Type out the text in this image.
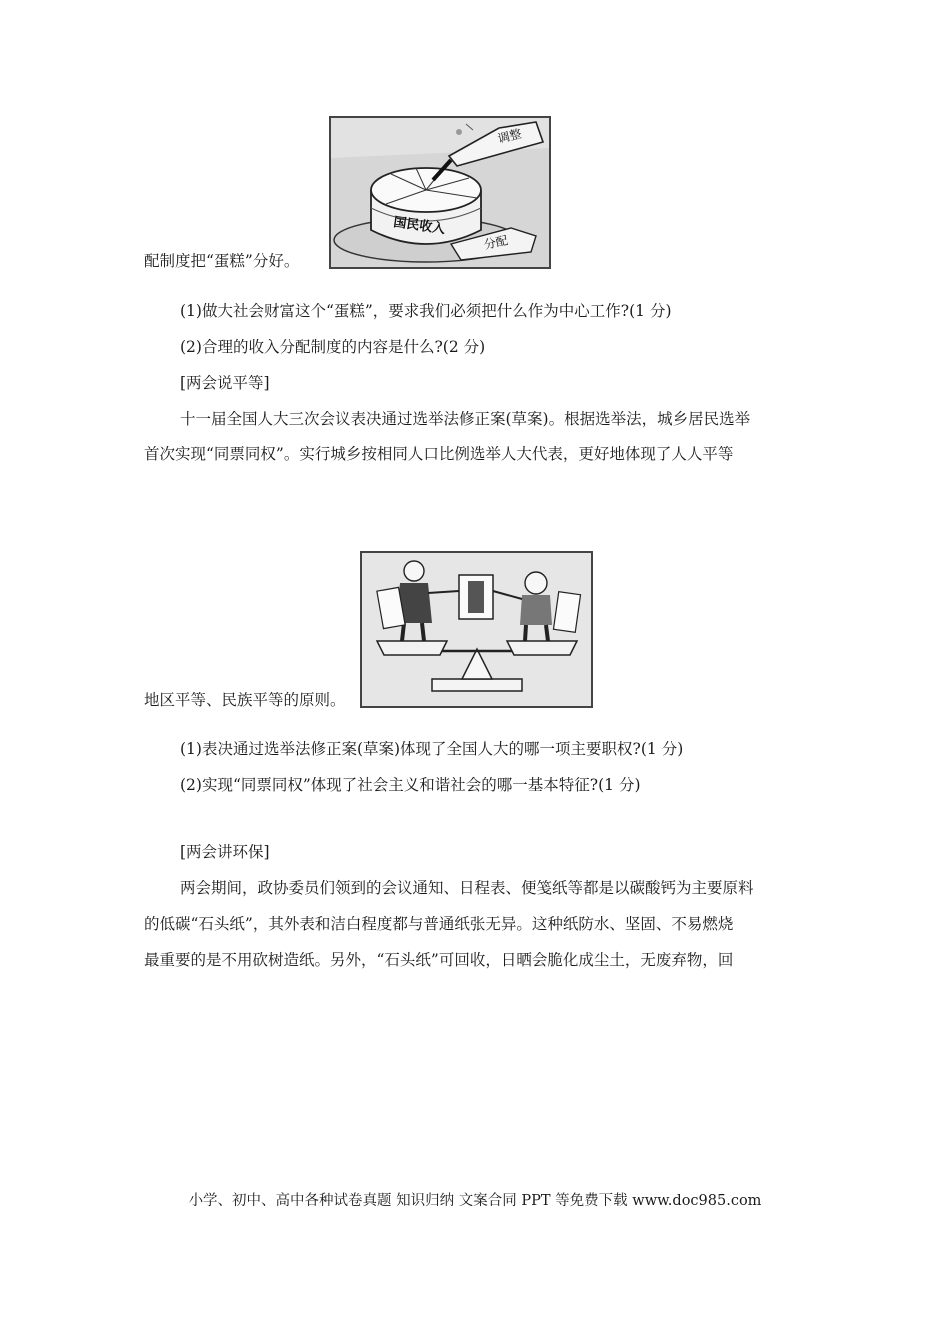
调整
分配
国民收入
配制度把“蛋糕”分好。
(1)做大社会财富这个“蛋糕”，要求我们必须把什么作为中心工作?(1 分)
(2)合理的收入分配制度的内容是什么?(2 分)
[两会说平等]
十一届全国人大三次会议表决通过选举法修正案(草案)。根据选举法，城乡居民选举
首次实现“同票同权”。实行城乡按相同人口比例选举人大代表，更好地体现了人人平等
地区平等、民族平等的原则。
(1)表决通过选举法修正案(草案)体现了全国人大的哪一项主要职权?(1 分)
(2)实现“同票同权”体现了社会主义和谐社会的哪一基本特征?(1 分)
[两会讲环保]
两会期间，政协委员们领到的会议通知、日程表、便笺纸等都是以碳酸钙为主要原料
的低碳“石头纸”，其外表和洁白程度都与普通纸张无异。这种纸防水、坚固、不易燃烧
最重要的是不用砍树造纸。另外，“石头纸”可回收，日晒会脆化成尘土，无废弃物，回
小学、初中、高中各种试卷真题 知识归纳 文案合同 PPT 等免费下载 www.doc985.com
